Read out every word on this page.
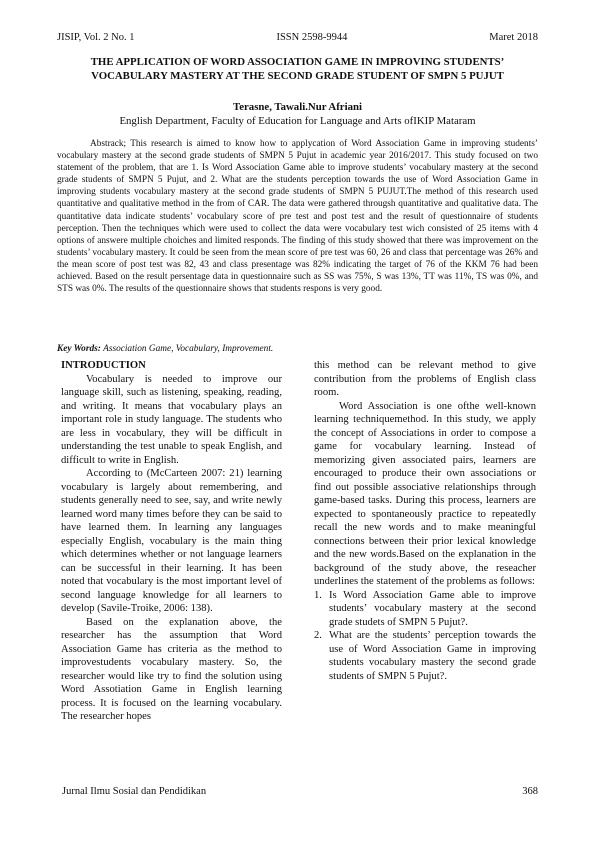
JISIP, Vol. 2 No. 1	ISSN 2598-9944	Maret 2018
THE APPLICATION OF WORD ASSOCIATION GAME IN IMPROVING STUDENTS’
VOCABULARY MASTERY AT THE SECOND GRADE STUDENT OF SMPN 5 PUJUT
Terasne, Tawali.Nur Afriani
English Department, Faculty of Education for Language and Arts ofIKIP Mataram
Abstrack; This research is aimed to know how to applycation of Word Association Game in improving students’ vocabulary mastery at the second grade students of SMPN 5 Pujut in academic year 2016/2017. This study focused on two statement of the problem, that are 1. Is Word Association Game able to improve students’ vocabulary mastery at the second grade students of SMPN 5 Pujut, and 2. What are the students perception towards the use of Word Association Game in improving students vocabulary mastery at the second grade students of SMPN 5 PUJUT.The method of this research used quantitative and qualitative method in the from of CAR. The data were gathered througsh quantitative and qualitative data. The quantitative data indicate students’ vocabulary score of pre test and post test and the result of questionnaire of students perception. Then the techniques which were used to collect the data were vocabulary test wich consisted of 25 items with 4 options of answere multiple choiches and limited responds. The finding of this study showed that there was improvement on the students’ vocabulary mastery. It could be seen from the mean score of pre test was 60, 26 and class that percentage was 26% and the mean score of post test was 82, 43 and class presentage was 82% indicating the target of 76 of the KKM 76 had been achieved. Based on the result persentage data in questionnaire such as SS was 75%, S was 13%, TT was 11%, TS was 0%, and STS was 0%. The results of the questionnaire shows that students respons is very good.
Key Words: Association Game, Vocabulary, Improvement.

INTRODUCTION

Vocabulary is needed to improve our language skill, such as listening, speaking, reading, and writing. It means that vocabulary plays an important role in study language. The students who are less in vocabulary, they will be difficult in understanding the test unable to speak English, and difficult to write in English.

According to (McCarteen 2007: 21) learning vocabulary is largely about remembering, and students generally need to see, say, and write newly learned word many times before they can be said to have learned them. In learning any languages especially English, vocabulary is the main thing which determines whether or not language learners can be successful in their learning. It has been noted that vocabulary is the most important level of second language knowledge for all learners to develop (Savile-Troike, 2006: 138).

Based on the explanation above, the researcher has the assumption that Word Association Game has criteria as the method to improvestudents vocabulary mastery. So, the researcher would like try to find the solution using Word Assotiation Game in English learning process. It is focused on the learning vocabulary. The researcher hopes

this method can be relevant method to give contribution from the problems of English class room.

Word Association is one ofthe well-known learning techniquemethod. In this study, we apply the concept of Associations in order to compose a game for vocabulary learning. Instead of memorizing given associated pairs, learners are encouraged to produce their own associations or find out possible associative relationships through game-based tasks. During this process, learners are expected to spontaneously practice to repeatedly recall the new words and to make meaningful connections between their prior lexical knowledge and the new words.Based on the explanation in the background of the study above, the reseacher underlines the statement of the problems as follows:

1. Is Word Association Game able to improve students’ vocabulary mastery at the second grade studets of SMPN 5 Pujut?.
2. What are the students’ perception towards the use of Word Association Game in improving students vocabulary mastery the second grade students of SMPN 5 Pujut?.
Jurnal Ilmu Sosial dan Pendidikan	368
